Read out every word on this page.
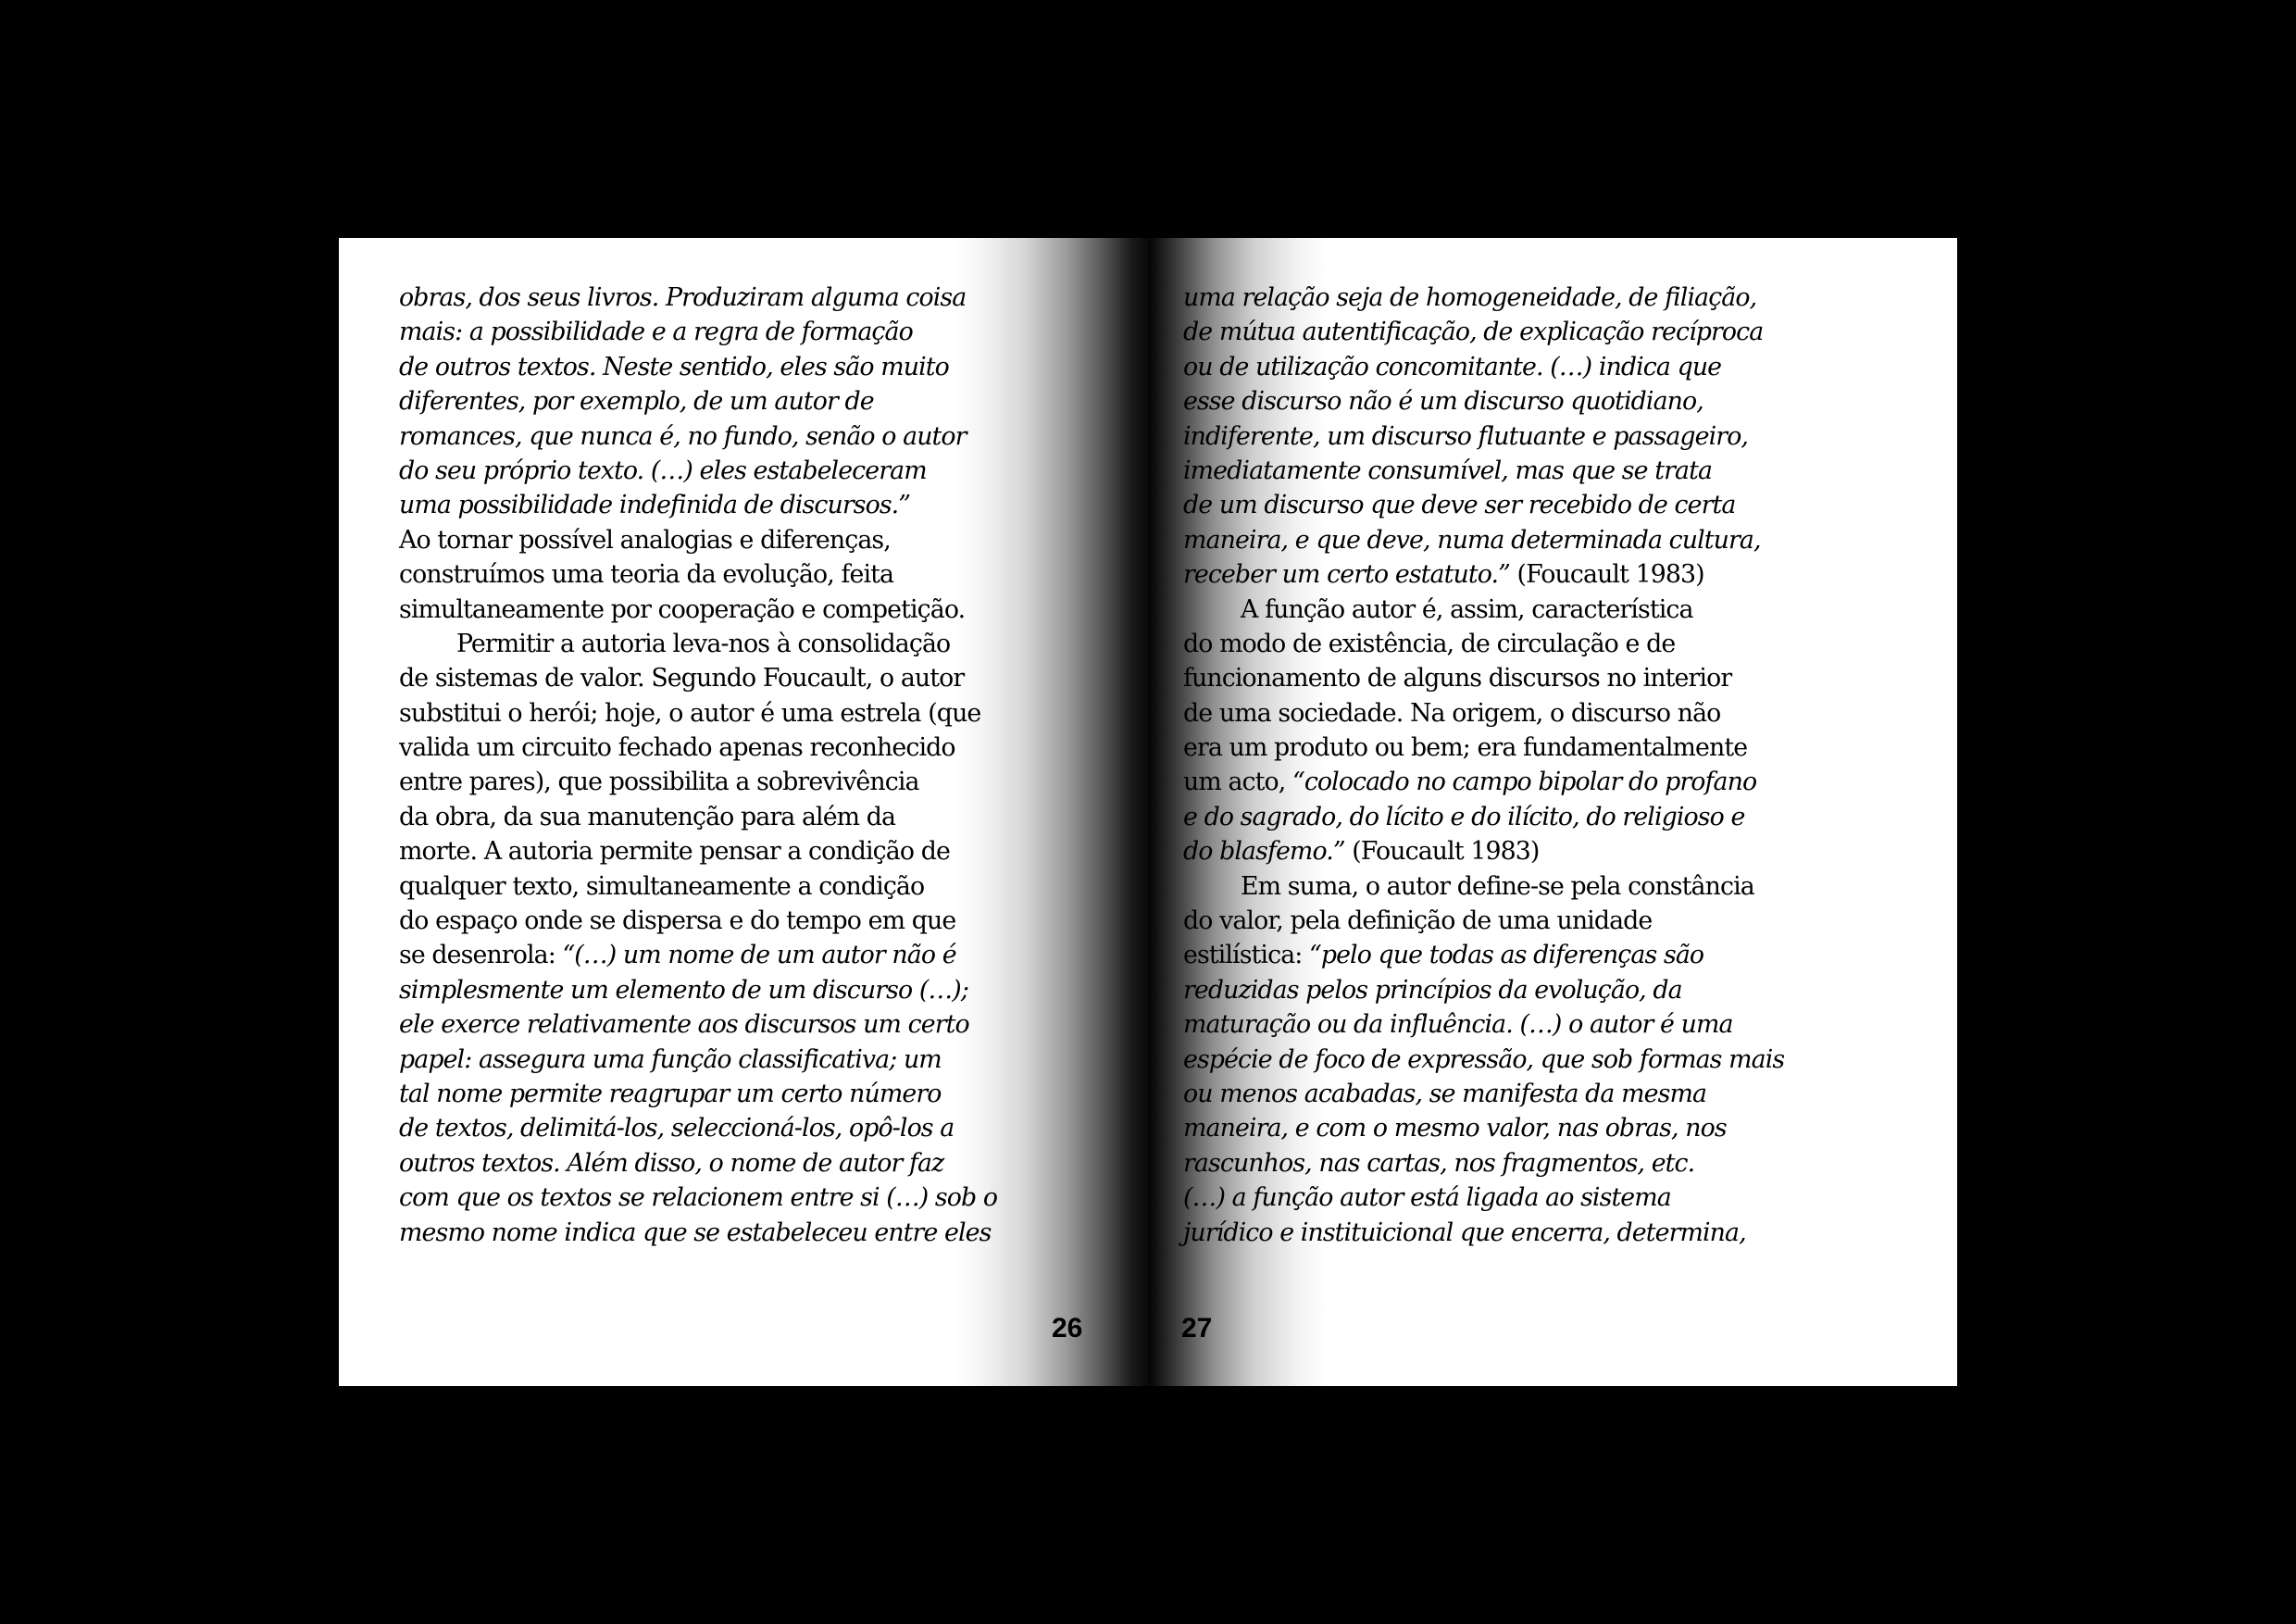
obras, dos seus livros. Produziram alguma coisa
mais: a possibilidade e a regra de formação
de outros textos. Neste sentido, eles são muito
diferentes, por exemplo, de um autor de
romances, que nunca é, no fundo, senão o autor
do seu próprio texto. (…) eles estabeleceram
uma possibilidade indefinida de discursos.”
Ao tornar possível analogias e diferenças,
construímos uma teoria da evolução, feita
simultaneamente por cooperação e competição.
Permitir a autoria leva-nos à consolidação
de sistemas de valor. Segundo Foucault, o autor
substitui o herói; hoje, o autor é uma estrela (que
valida um circuito fechado apenas reconhecido
entre pares), que possibilita a sobrevivência
da obra, da sua manutenção para além da
morte. A autoria permite pensar a condição de
qualquer texto, simultaneamente a condição
do espaço onde se dispersa e do tempo em que
se desenrola: “(…) um nome de um autor não é
simplesmente um elemento de um discurso (…);
ele exerce relativamente aos discursos um certo
papel: assegura uma função classificativa; um
tal nome permite reagrupar um certo número
de textos, delimitá-los, seleccioná-los, opô-los a
outros textos. Além disso, o nome de autor faz
com que os textos se relacionem entre si (…) sob o
mesmo nome indica que se estabeleceu entre eles
26
uma relação seja de homogeneidade, de filiação,
de mútua autentificação, de explicação recíproca
ou de utilização concomitante. (…) indica que
esse discurso não é um discurso quotidiano,
indiferente, um discurso flutuante e passageiro,
imediatamente consumível, mas que se trata
de um discurso que deve ser recebido de certa
maneira, e que deve, numa determinada cultura,
receber um certo estatuto.” (Foucault 1983)
A função autor é, assim, característica
do modo de existência, de circulação e de
funcionamento de alguns discursos no interior
de uma sociedade. Na origem, o discurso não
era um produto ou bem; era fundamentalmente
um acto, “colocado no campo bipolar do profano
e do sagrado, do lícito e do ilícito, do religioso e
do blasfemo.” (Foucault 1983)
Em suma, o autor define-se pela constância
do valor, pela definição de uma unidade
estilística: “pelo que todas as diferenças são
reduzidas pelos princípios da evolução, da
maturação ou da influência. (…) o autor é uma
espécie de foco de expressão, que sob formas mais
ou menos acabadas, se manifesta da mesma
maneira, e com o mesmo valor, nas obras, nos
rascunhos, nas cartas, nos fragmentos, etc.
(…) a função autor está ligada ao sistema
jurídico e instituicional que encerra, determina,
27
